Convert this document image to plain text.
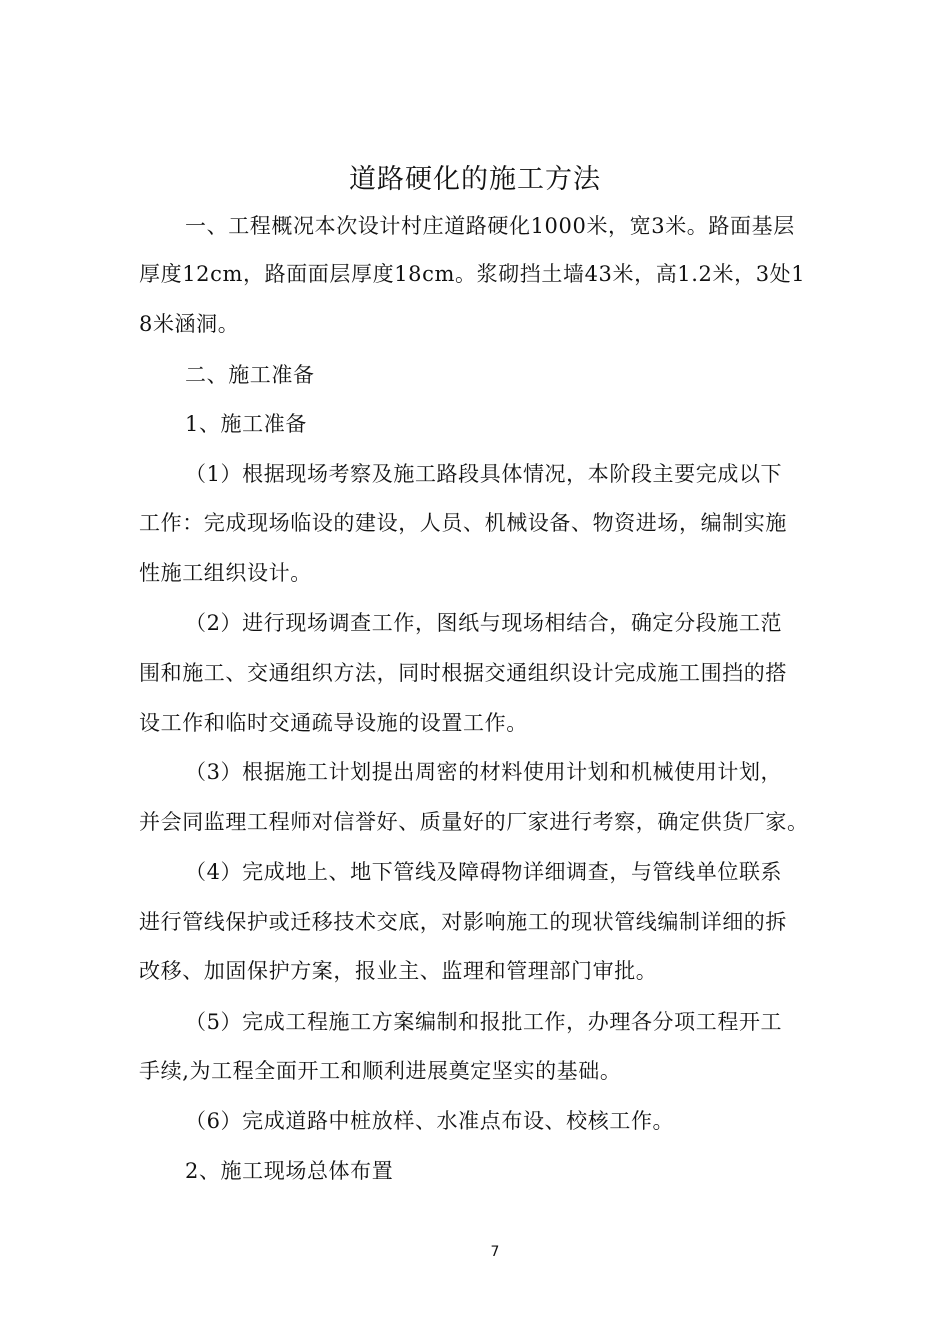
道路硬化的施工方法
一、工程概况本次设计村庄道路硬化1000米，宽3米。路面基层
厚度12cm，路面面层厚度18cm。浆砌挡土墙43米，高1.2米，3处1
8米涵洞。
二、施工准备
1、施工准备
（1）根据现场考察及施工路段具体情况，本阶段主要完成以下
工作：完成现场临设的建设，人员、机械设备、物资进场，编制实施
性施工组织设计。
（2）进行现场调查工作，图纸与现场相结合，确定分段施工范
围和施工、交通组织方法，同时根据交通组织设计完成施工围挡的搭
设工作和临时交通疏导设施的设置工作。
（3）根据施工计划提出周密的材料使用计划和机械使用计划，
并会同监理工程师对信誉好、质量好的厂家进行考察，确定供货厂家。
（4）完成地上、地下管线及障碍物详细调查，与管线单位联系
进行管线保护或迁移技术交底，对影响施工的现状管线编制详细的拆
改移、加固保护方案，报业主、监理和管理部门审批。
（5）完成工程施工方案编制和报批工作，办理各分项工程开工
手续,为工程全面开工和顺利进展奠定坚实的基础。
（6）完成道路中桩放样、水准点布设、校核工作。
2、施工现场总体布置
7
